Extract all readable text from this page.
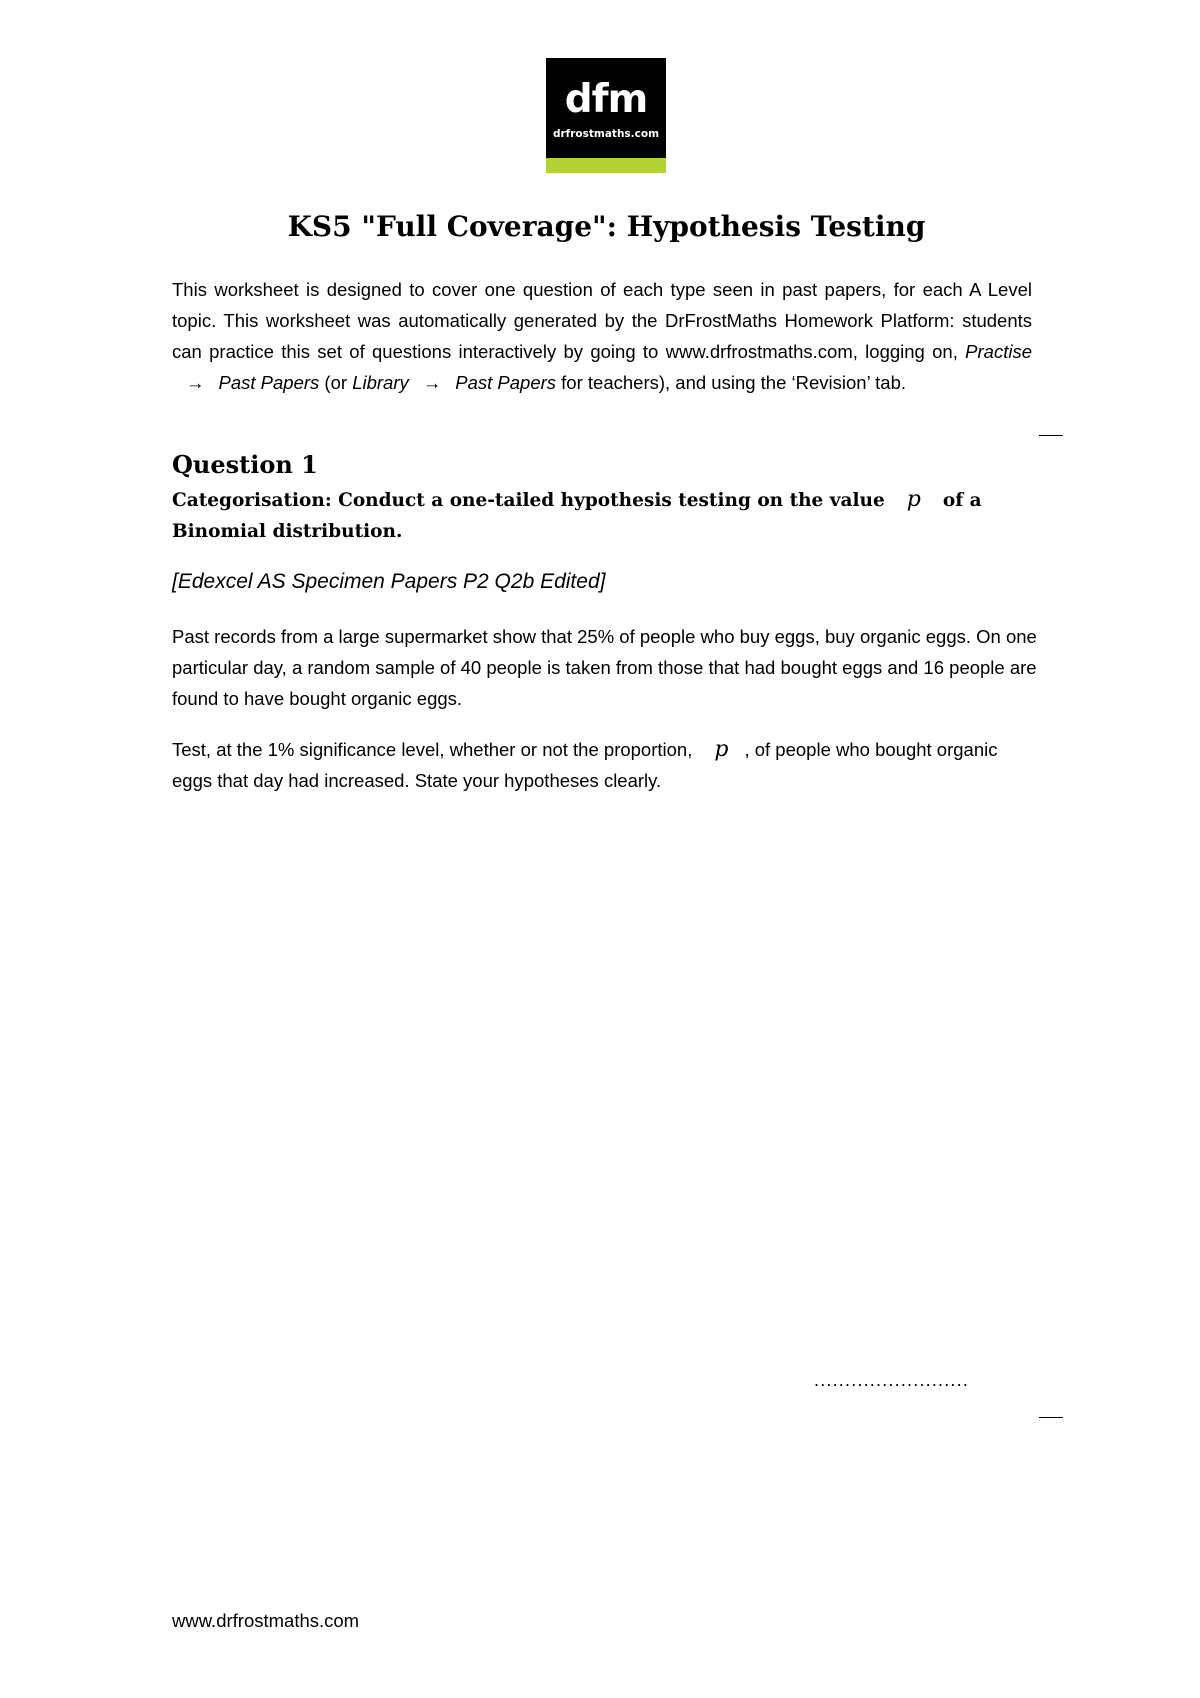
dfm
drfrostmaths.com
KS5 "Full Coverage": Hypothesis Testing

This worksheet is designed to cover one question of each type seen in past papers, for each A Level topic. This worksheet was automatically generated by the DrFrostMaths Homework Platform: students can practice this set of questions interactively by going to www.drfrostmaths.com, logging on, Practise→ Past Papers (or Library → Past Papers for teachers), and using the ‘Revision’ tab.

Question 1

Categorisation: Conduct a one-tailed hypothesis testing on the value p of a Binomial distribution.

[Edexcel AS Specimen Papers P2 Q2b Edited]

Past records from a large supermarket show that 25% of people who buy eggs, buy organic eggs. On one particular day, a random sample of 40 people is taken from those that had bought eggs and 16 people are found to have bought organic eggs.

Test, at the 1% significance level, whether or not the proportion, p , of people who bought organic eggs that day had increased. State your hypotheses clearly.

.........................
www.drfrostmaths.com
